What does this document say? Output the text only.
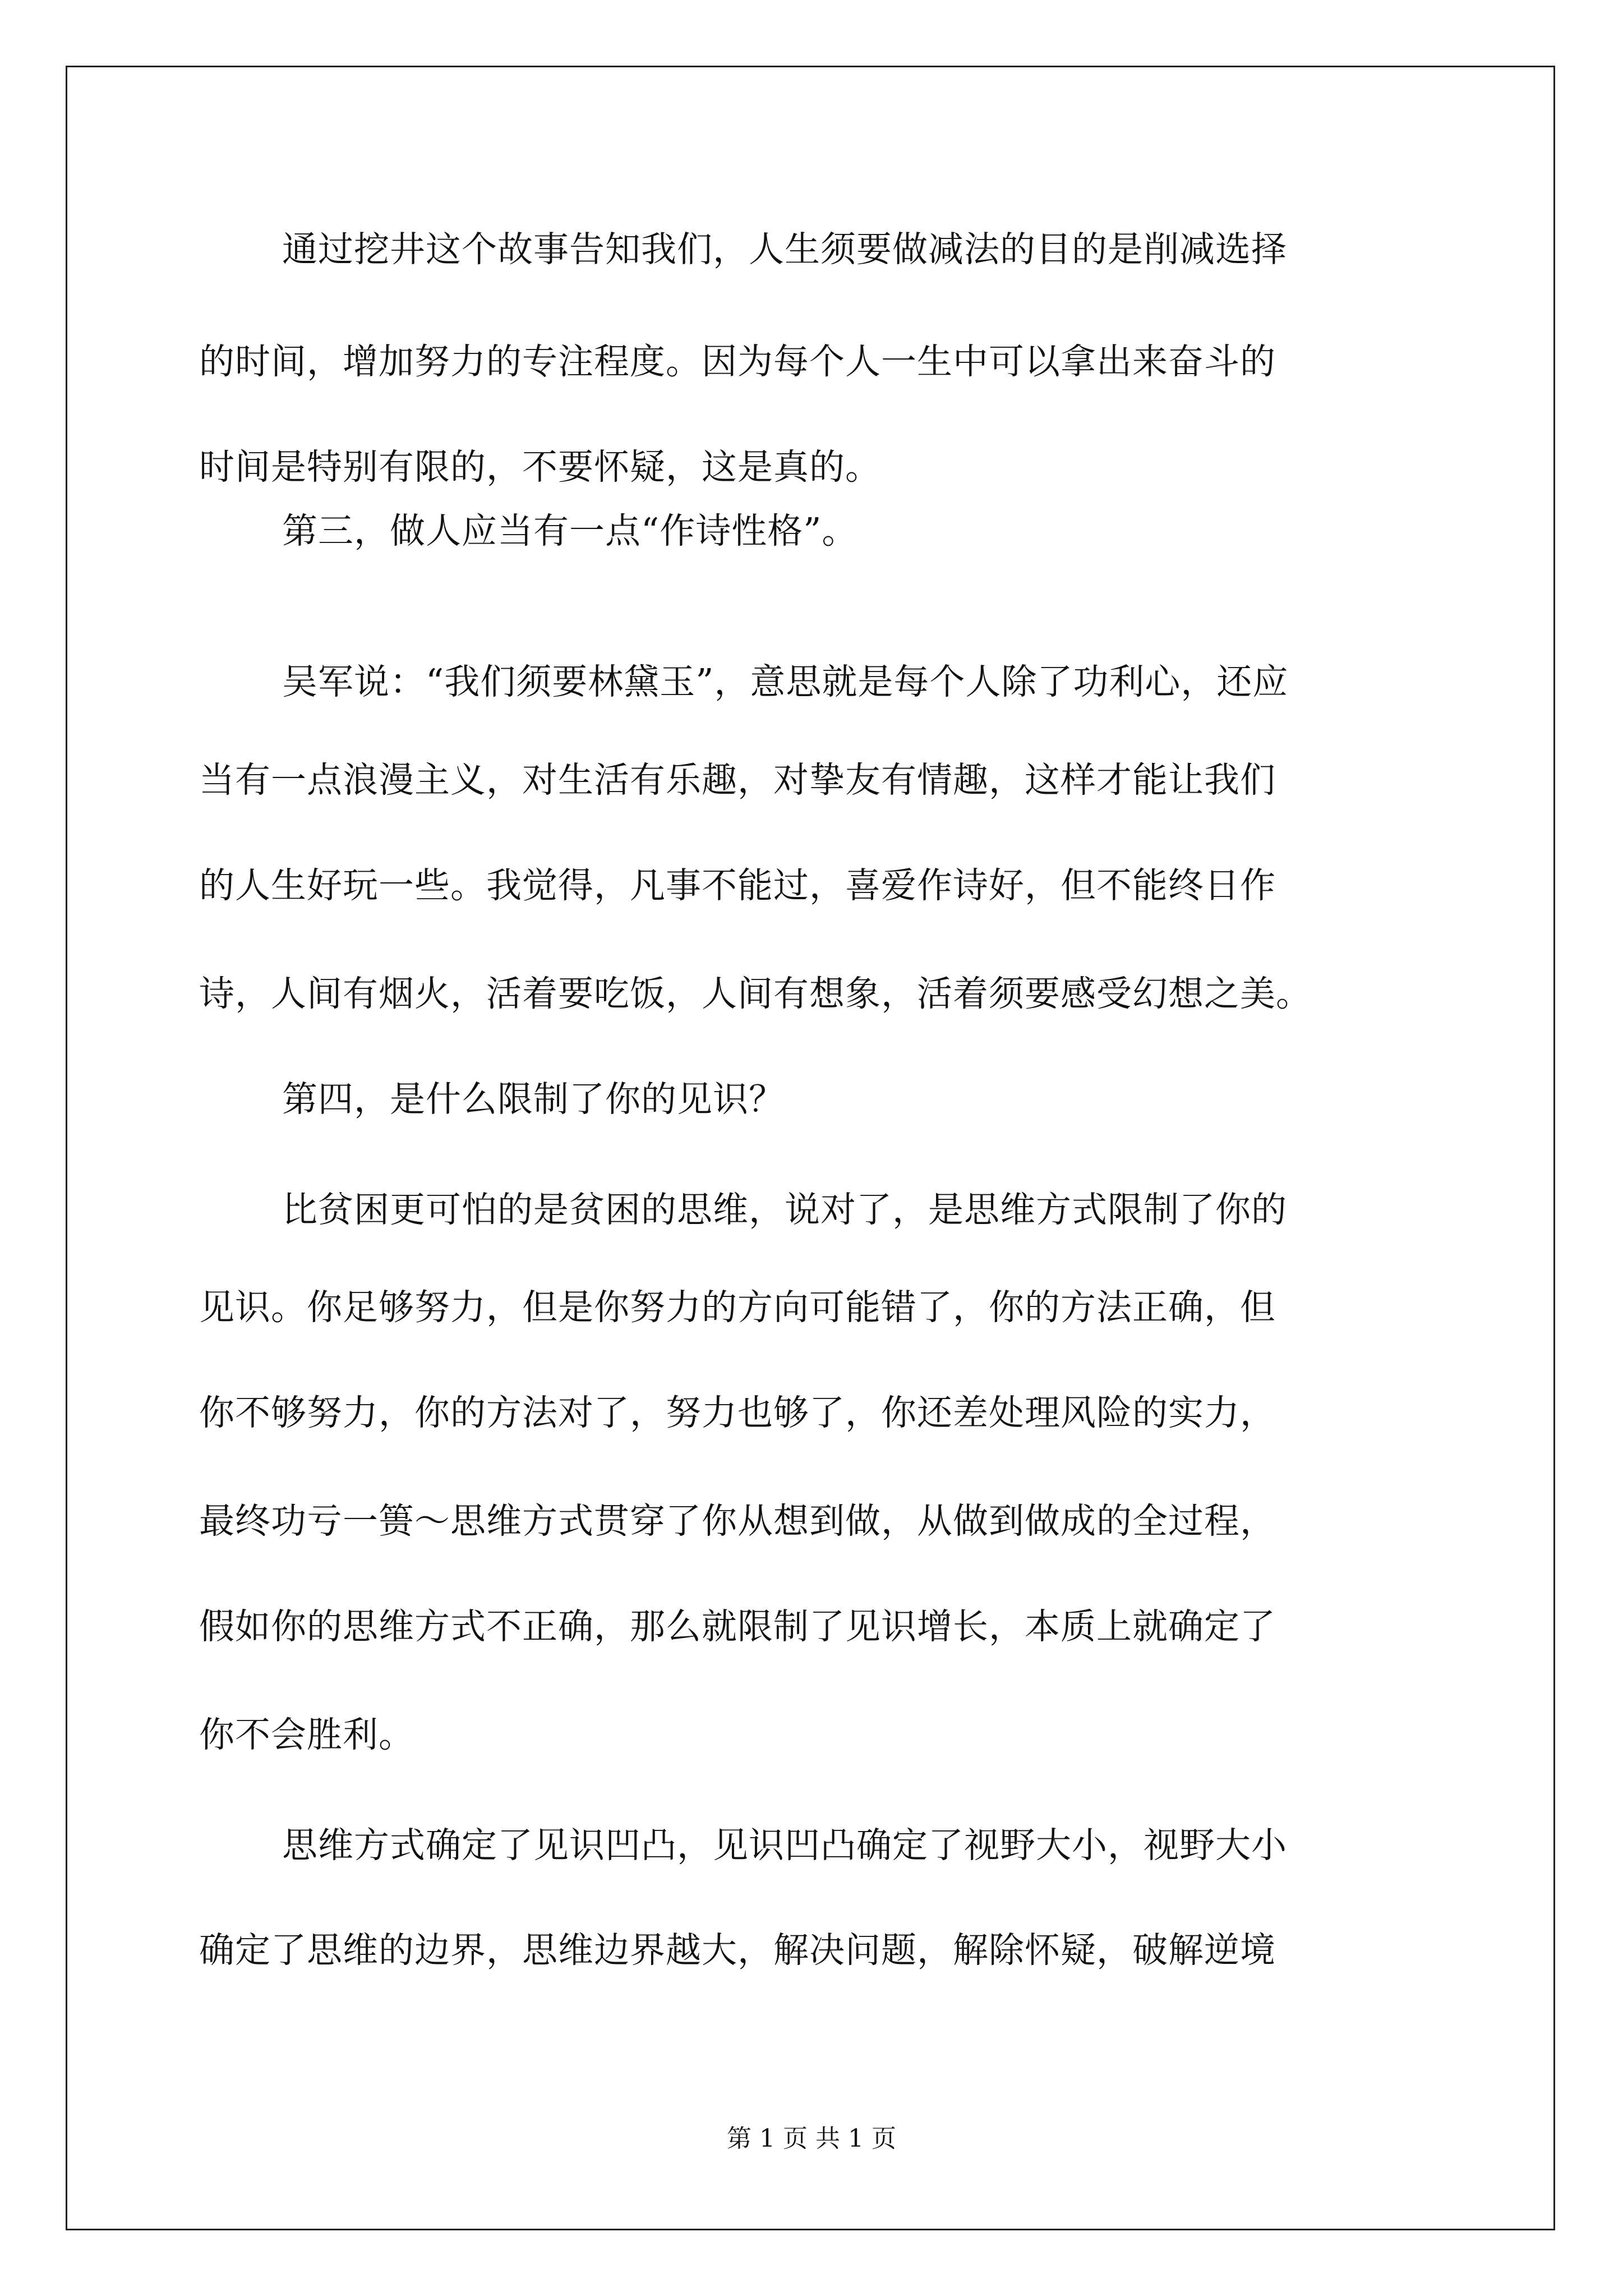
通过挖井这个故事告知我们，人生须要做减法的目的是削减选择
的时间，增加努力的专注程度。因为每个人一生中可以拿出来奋斗的
时间是特别有限的，不要怀疑，这是真的。
第三，做人应当有一点“作诗性格”。
吴军说：“我们须要林黛玉”，意思就是每个人除了功利心，还应
当有一点浪漫主义，对生活有乐趣，对挚友有情趣，这样才能让我们
的人生好玩一些。我觉得，凡事不能过，喜爱作诗好，但不能终日作
诗，人间有烟火，活着要吃饭，人间有想象，活着须要感受幻想之美。
第四，是什么限制了你的见识？
比贫困更可怕的是贫困的思维，说对了，是思维方式限制了你的
见识。你足够努力，但是你努力的方向可能错了，你的方法正确，但
你不够努力，你的方法对了，努力也够了，你还差处理风险的实力，
最终功亏一篑～思维方式贯穿了你从想到做，从做到做成的全过程，
假如你的思维方式不正确，那么就限制了见识增长，本质上就确定了
你不会胜利。
思维方式确定了见识凹凸，见识凹凸确定了视野大小，视野大小
确定了思维的边界，思维边界越大，解决问题，解除怀疑，破解逆境
第 1 页 共 1 页
